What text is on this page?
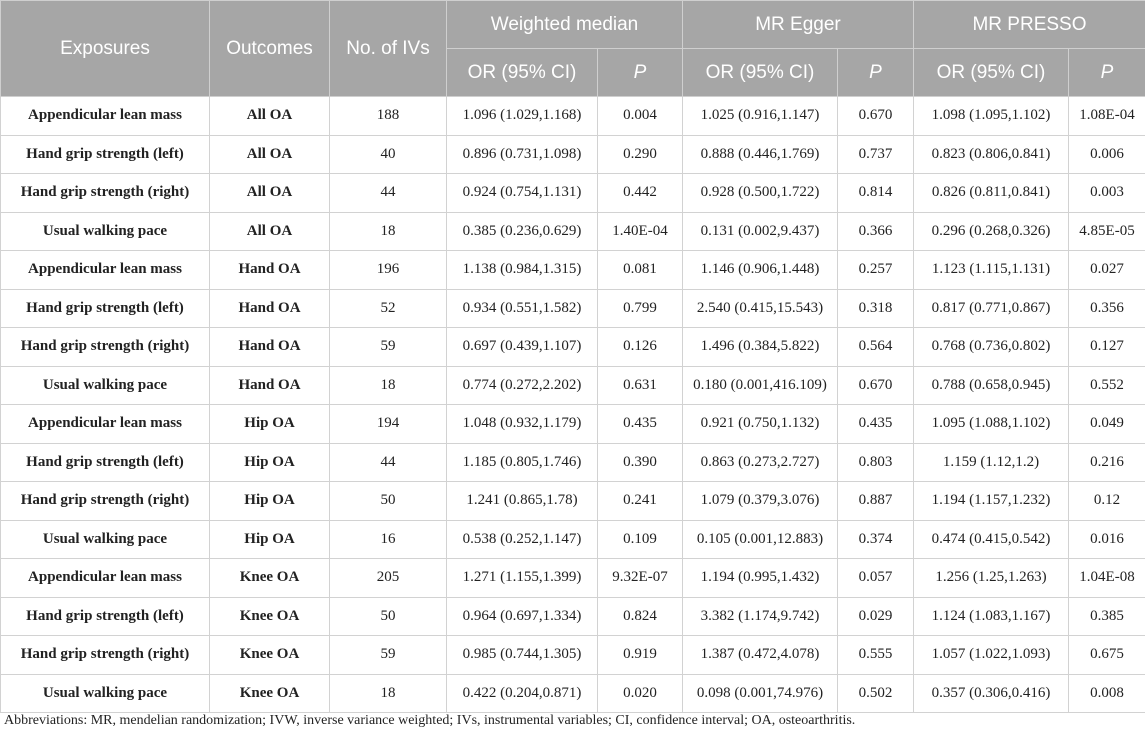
Exposures	Outcomes	No. of IVs	Weighted median		MR Egger		MR PRESSO	
			OR (95% CI)	P	OR (95% CI)	P	OR (95% CI)	P
Appendicular lean mass	All OA	188	1.096 (1.029,1.168)	0.004	1.025 (0.916,1.147)	0.670	1.098 (1.095,1.102)	1.08E-04
Hand grip strength (left)	All OA	40	0.896 (0.731,1.098)	0.290	0.888 (0.446,1.769)	0.737	0.823 (0.806,0.841)	0.006
Hand grip strength (right)	All OA	44	0.924 (0.754,1.131)	0.442	0.928 (0.500,1.722)	0.814	0.826 (0.811,0.841)	0.003
Usual walking pace	All OA	18	0.385 (0.236,0.629)	1.40E-04	0.131 (0.002,9.437)	0.366	0.296 (0.268,0.326)	4.85E-05
Appendicular lean mass	Hand OA	196	1.138 (0.984,1.315)	0.081	1.146 (0.906,1.448)	0.257	1.123 (1.115,1.131)	0.027
Hand grip strength (left)	Hand OA	52	0.934 (0.551,1.582)	0.799	2.540 (0.415,15.543)	0.318	0.817 (0.771,0.867)	0.356
Hand grip strength (right)	Hand OA	59	0.697 (0.439,1.107)	0.126	1.496 (0.384,5.822)	0.564	0.768 (0.736,0.802)	0.127
Usual walking pace	Hand OA	18	0.774 (0.272,2.202)	0.631	0.180 (0.001,416.109)	0.670	0.788 (0.658,0.945)	0.552
Appendicular lean mass	Hip OA	194	1.048 (0.932,1.179)	0.435	0.921 (0.750,1.132)	0.435	1.095 (1.088,1.102)	0.049
Hand grip strength (left)	Hip OA	44	1.185 (0.805,1.746)	0.390	0.863 (0.273,2.727)	0.803	1.159 (1.12,1.2)	0.216
Hand grip strength (right)	Hip OA	50	1.241 (0.865,1.78)	0.241	1.079 (0.379,3.076)	0.887	1.194 (1.157,1.232)	0.12
Usual walking pace	Hip OA	16	0.538 (0.252,1.147)	0.109	0.105 (0.001,12.883)	0.374	0.474 (0.415,0.542)	0.016
Appendicular lean mass	Knee OA	205	1.271 (1.155,1.399)	9.32E-07	1.194 (0.995,1.432)	0.057	1.256 (1.25,1.263)	1.04E-08
Hand grip strength (left)	Knee OA	50	0.964 (0.697,1.334)	0.824	3.382 (1.174,9.742)	0.029	1.124 (1.083,1.167)	0.385
Hand grip strength (right)	Knee OA	59	0.985 (0.744,1.305)	0.919	1.387 (0.472,4.078)	0.555	1.057 (1.022,1.093)	0.675
Usual walking pace	Knee OA	18	0.422 (0.204,0.871)	0.020	0.098 (0.001,74.976)	0.502	0.357 (0.306,0.416)	0.008
Abbreviations: MR, mendelian randomization; IVW, inverse variance weighted; IVs, instrumental variables; CI, confidence interval; OA, osteoarthritis.
